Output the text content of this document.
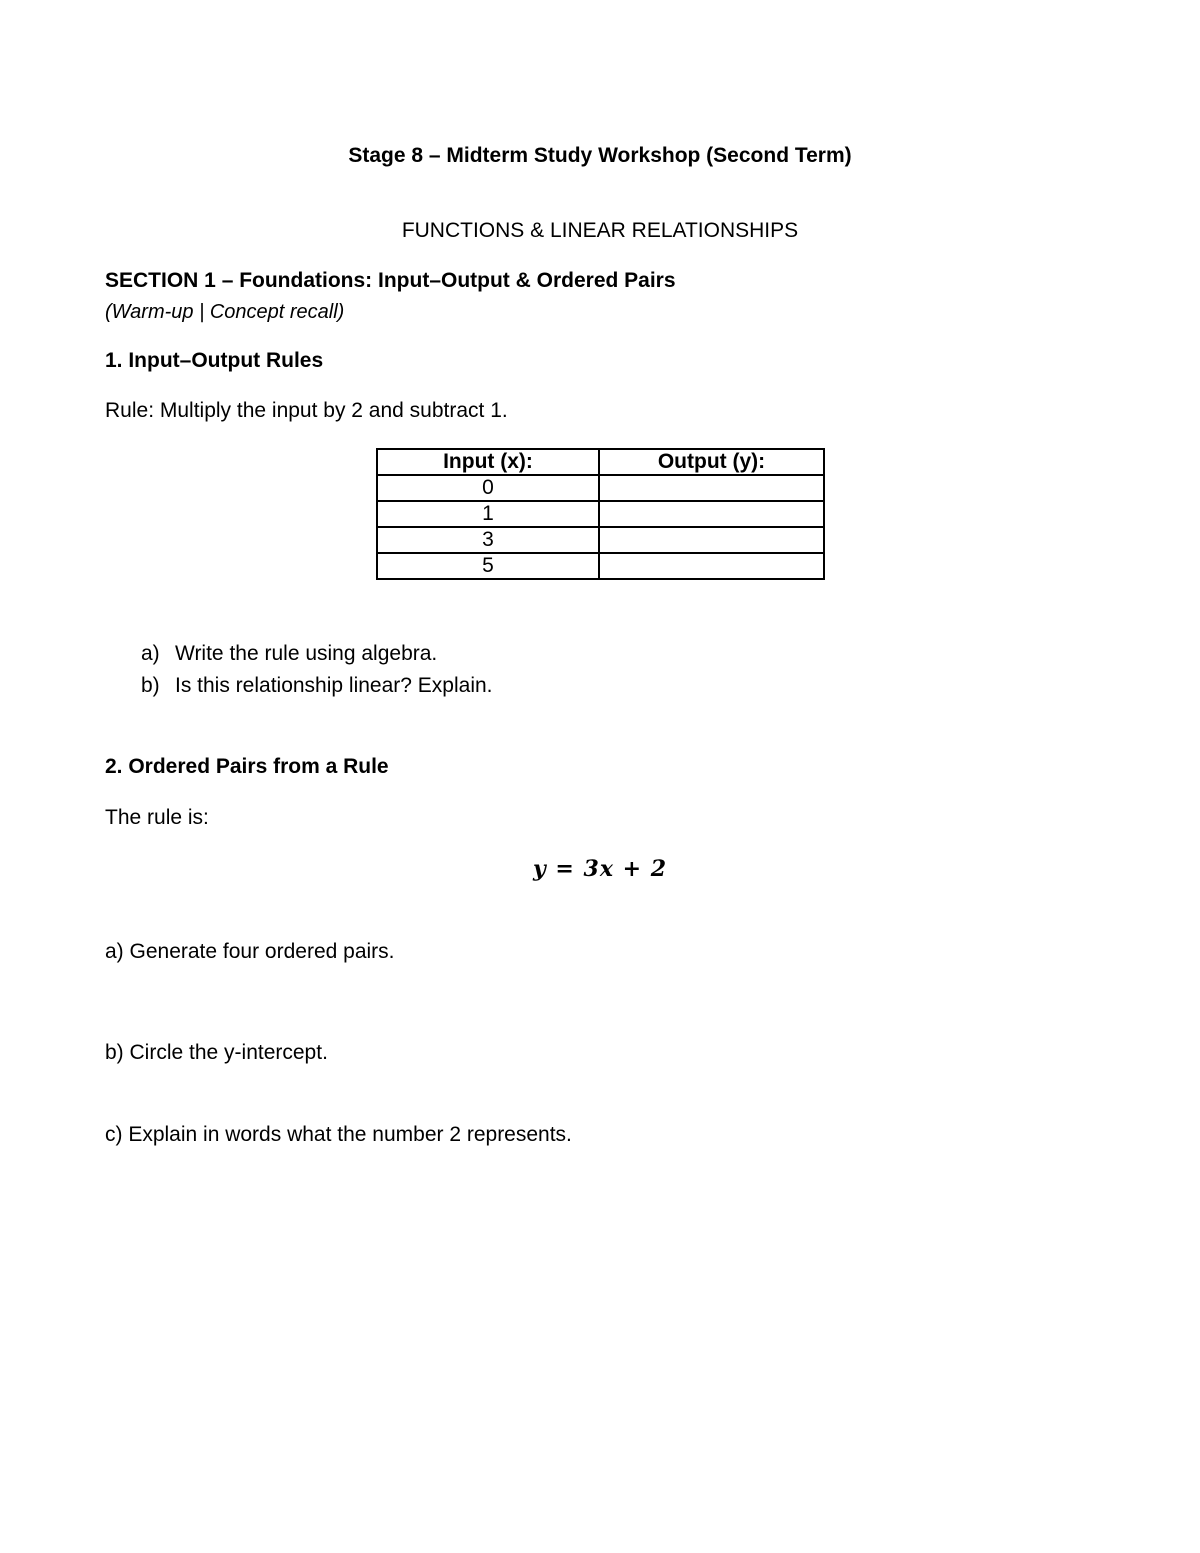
Stage 8 – Midterm Study Workshop (Second Term)

FUNCTIONS & LINEAR RELATIONSHIPS

SECTION 1 – Foundations: Input–Output & Ordered Pairs

(Warm-up | Concept recall)

1. Input–Output Rules

Rule: Multiply the input by 2 and subtract 1.

Input (x):	Output (y):
0	
1	
3	
5	
a) Write the rule using algebra.
b) Is this relationship linear? Explain.

2. Ordered Pairs from a Rule

The rule is:

y = 3x + 2

a) Generate four ordered pairs.

b) Circle the y-intercept.

c) Explain in words what the number 2 represents.
